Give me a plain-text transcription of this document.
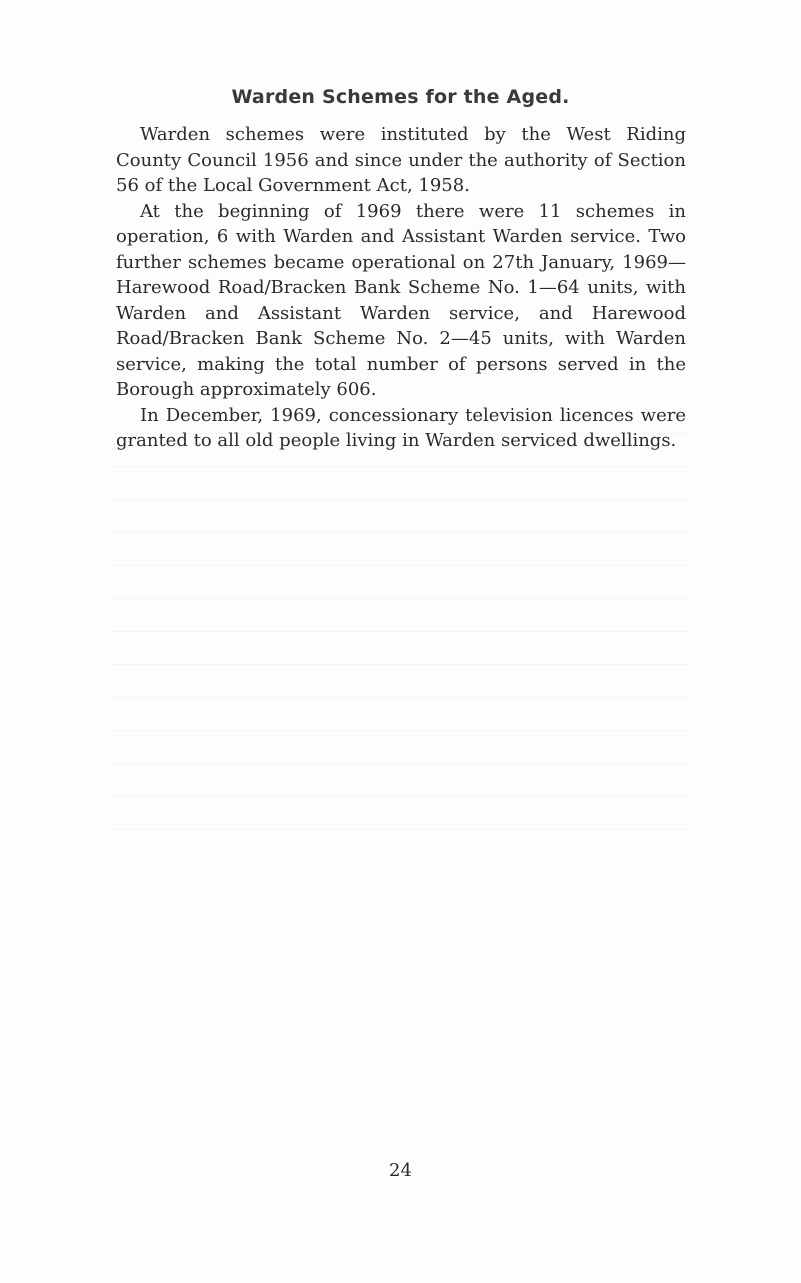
Warden Schemes for the Aged.

Warden schemes were instituted by the West Riding County Council 1956 and since under the authority of Section 56 of the Local Government Act, 1958.

At the beginning of 1969 there were 11 schemes in operation, 6 with Warden and Assistant Warden service. Two further schemes became operational on 27th January, 1969—Harewood Road/Bracken Bank Scheme No. 1—64 units, with Warden and Assistant Warden service, and Harewood Road/Bracken Bank Scheme No. 2—45 units, with Warden service, making the total number of persons served in the Borough approximately 606.

In December, 1969, concessionary television licences were granted to all old people living in Warden serviced dwellings.

24
